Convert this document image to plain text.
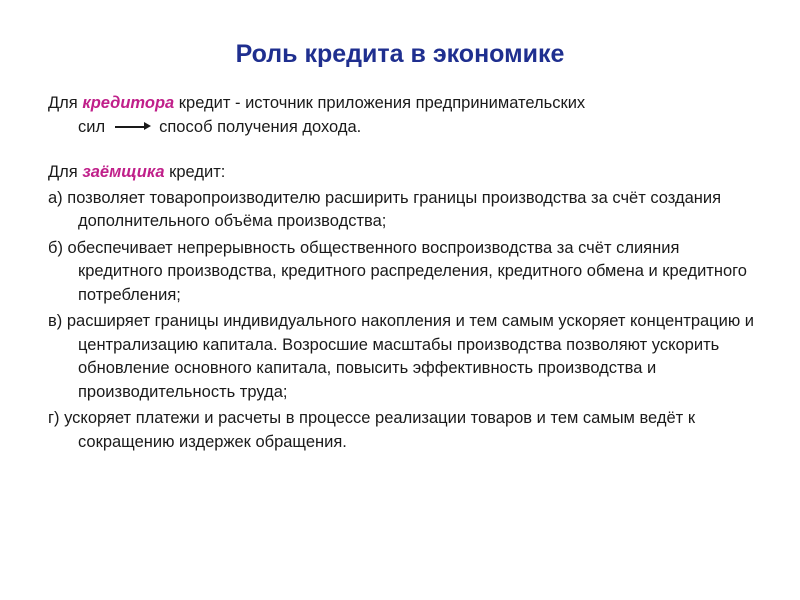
Роль кредита в экономике

Для кредитора кредит - источник приложения предпринимательских
сил	способ получения дохода.

Для заёмщика кредит:

а) позволяет товаропроизводителю расширить границы производства за счёт создания дополнительного объёма производства;

б) обеспечивает непрерывность общественного воспроизводства за счёт слияния кредитного производства, кредитного распределения, кредитного обмена и кредитного потребления;

в) расширяет границы индивидуального накопления и тем самым ускоряет концентрацию и централизацию капитала. Возросшие масштабы производства позволяют ускорить обновление основного капитала, повысить эффективность производства и производительность труда;

г) ускоряет платежи и расчеты в процессе реализации товаров и тем самым ведёт к сокращению издержек обращения.
